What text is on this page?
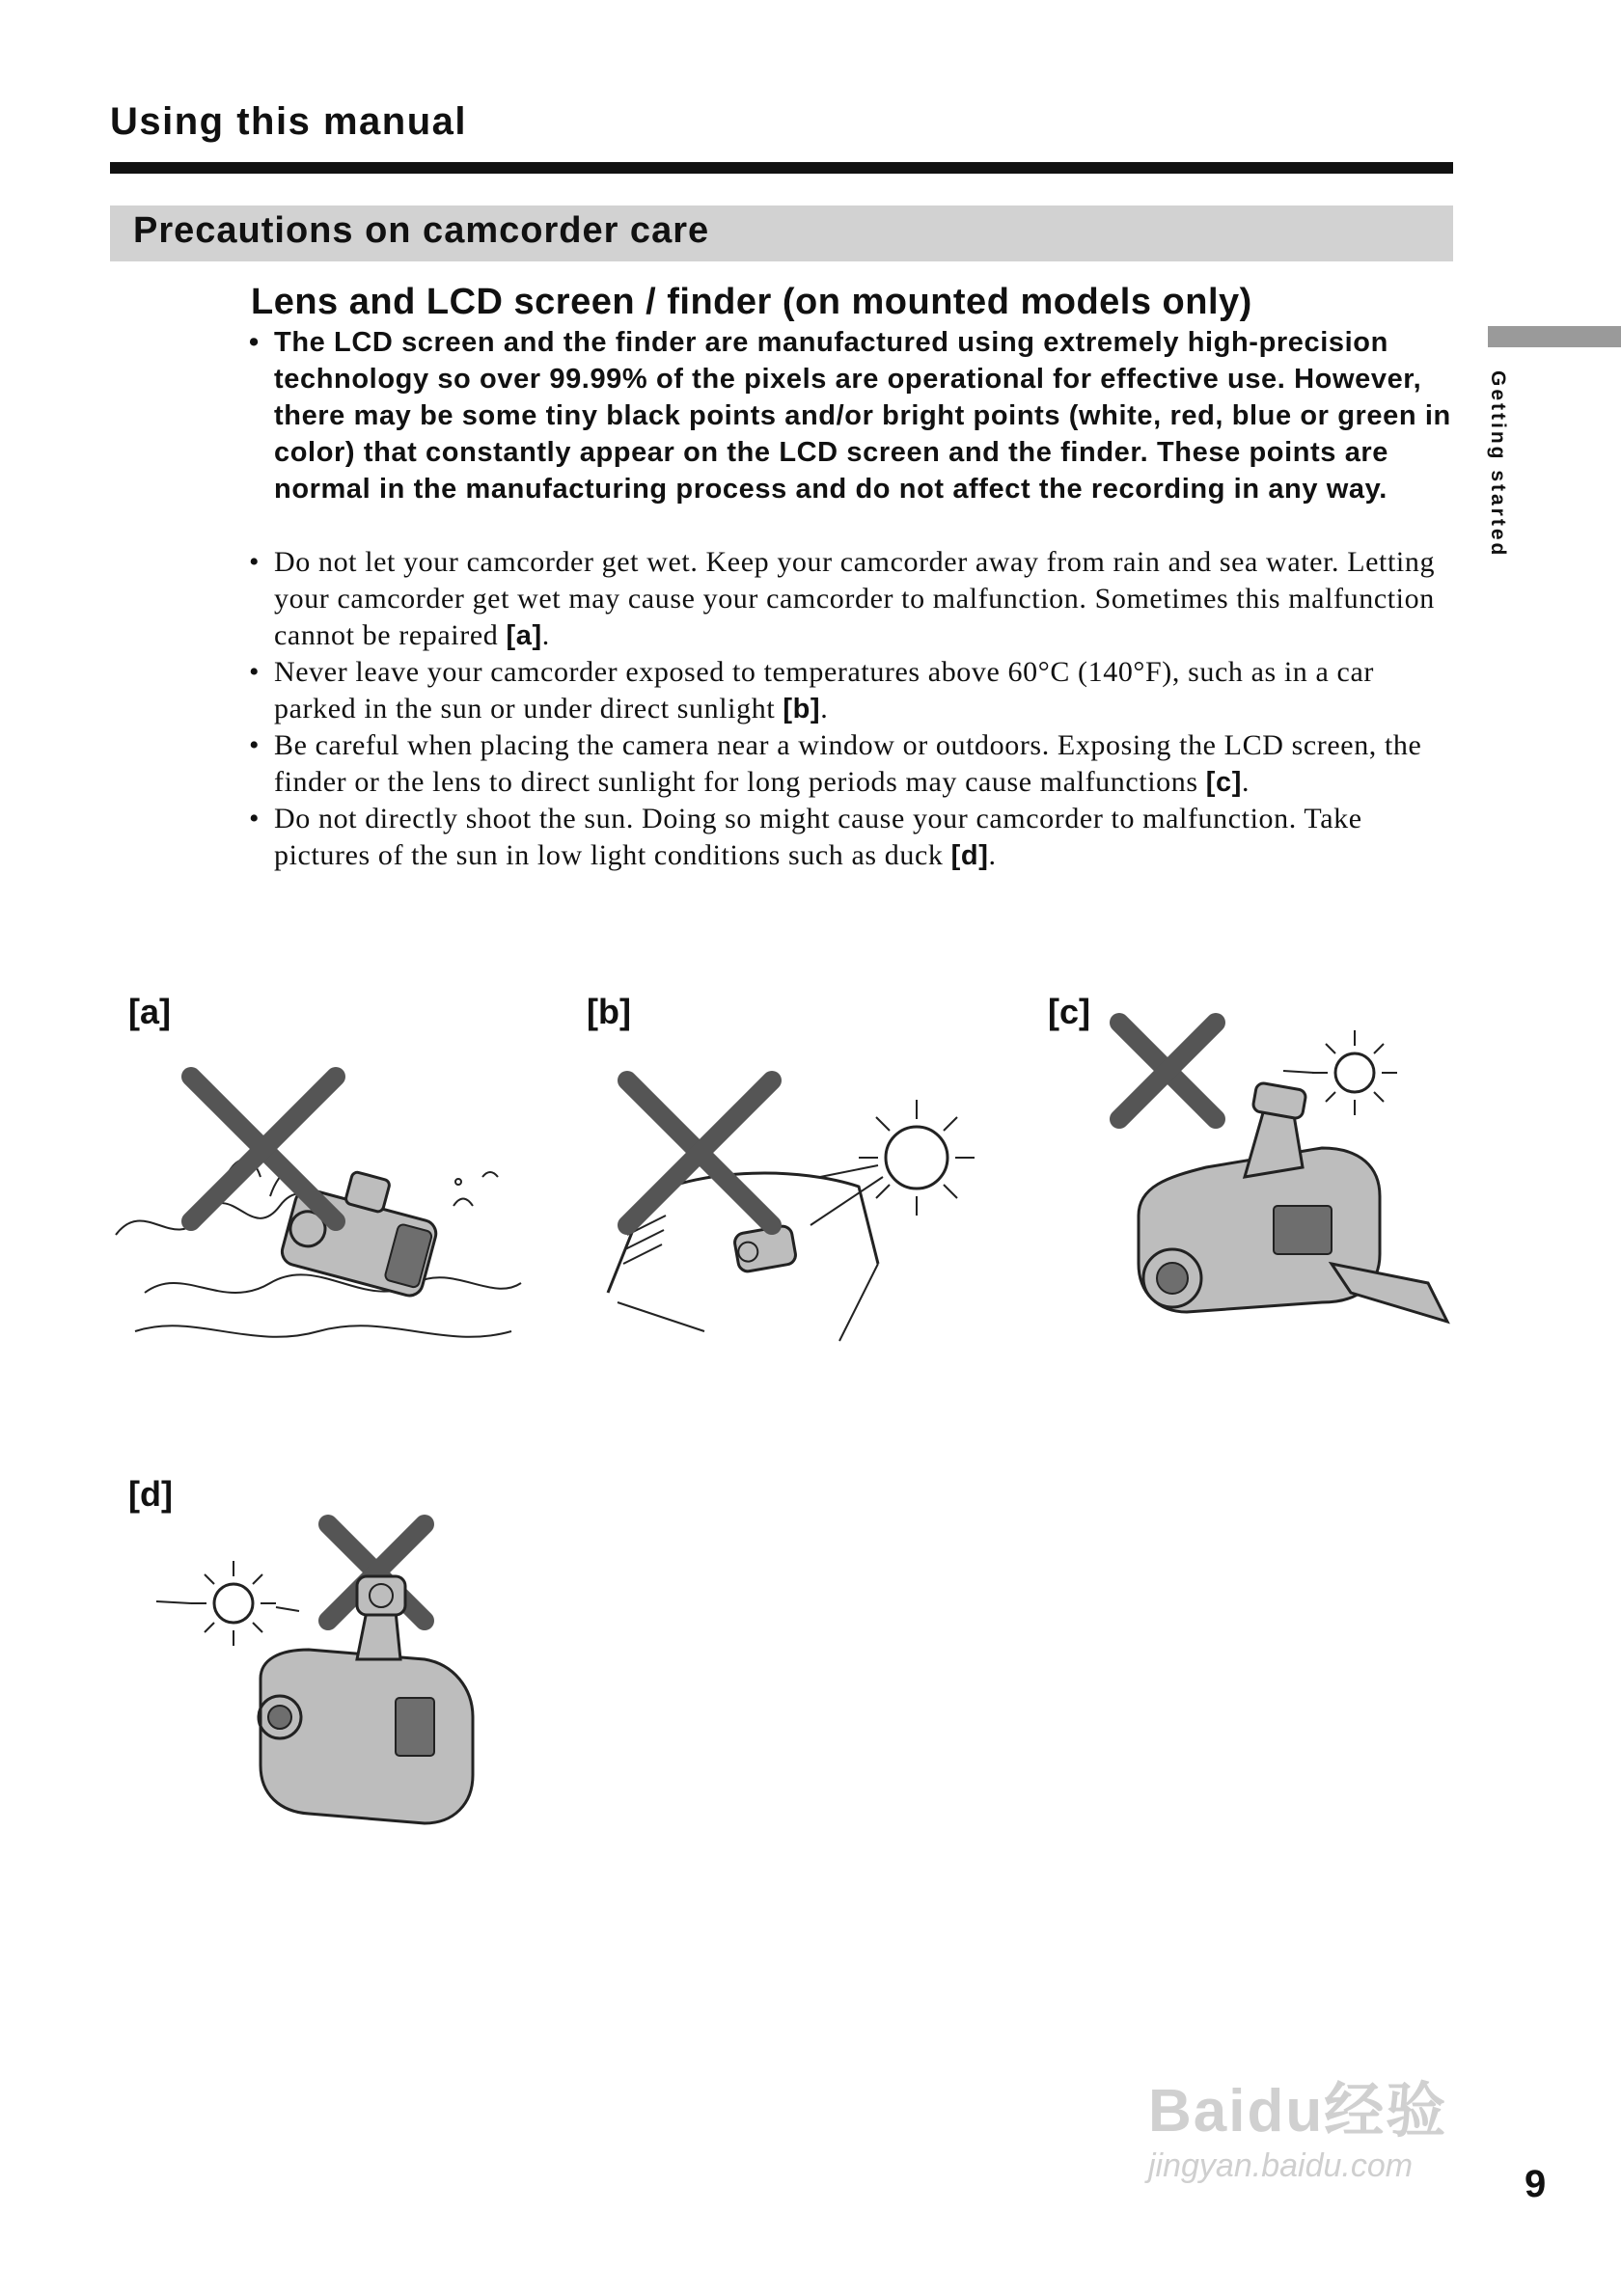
Using this manual
Precautions on camcorder care
Getting started
Lens and LCD screen / finder (on mounted models only)
• The LCD screen and the finder are manufactured using extremely high-precision technology so over 99.99% of the pixels are operational for effective use. However, there may be some tiny black points and/or bright points (white, red, blue or green in color) that constantly appear on the LCD screen and the finder. These points are normal in the manufacturing process and do not affect the recording in any way.
• Do not let your camcorder get wet. Keep your camcorder away from rain and sea water. Letting your camcorder get wet may cause your camcorder to malfunction. Sometimes this malfunction cannot be repaired [a].
• Never leave your camcorder exposed to temperatures above 60°C (140°F), such as in a car parked in the sun or under direct sunlight [b].
• Be careful when placing the camera near a window or outdoors. Exposing the LCD screen, the finder or the lens to direct sunlight for long periods may cause malfunctions [c].
• Do not directly shoot the sun. Doing so might cause your camcorder to malfunction. Take pictures of the sun in low light conditions such as duck [d].
[a]	[b]	[c]
[d]
Baidu经验
jingyan.baidu.com	9
